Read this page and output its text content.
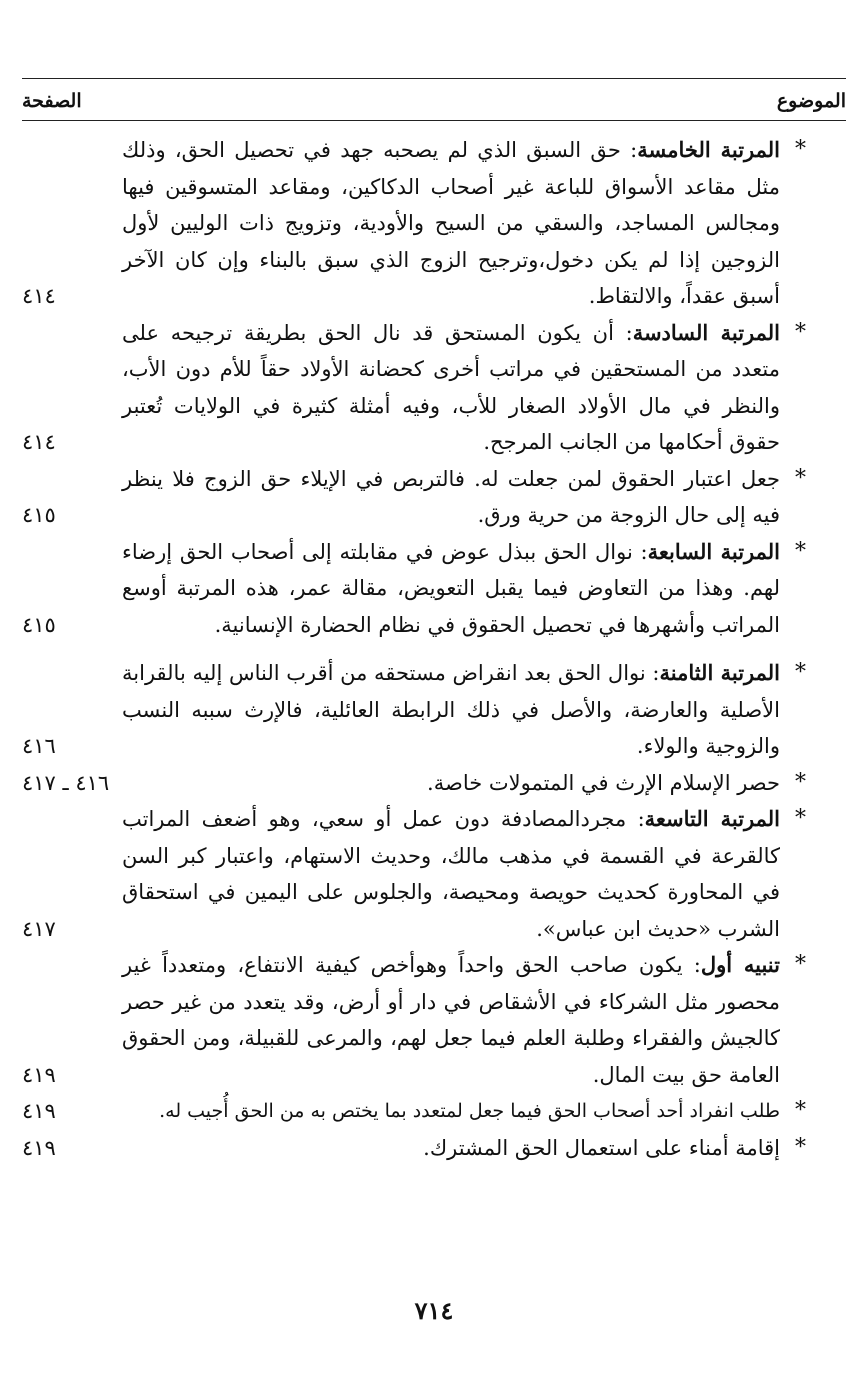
الموضوع
الصفحة
*
المرتبة الخامسة: حق السبق الذي لم يصحبه جهد في تحصيل الحق، وذلك مثل مقاعد الأسواق للباعة غير أصحاب الدكاكين، ومقاعد المتسوقين فيها ومجالس المساجد، والسقي من السيح والأودية، وتزويج ذات الوليين لأول الزوجين إذا لم يكن دخول،وترجيح الزوج الذي سبق بالبناء وإن كان الآخر أسبق عقداً، والالتقاط.
٤١٤
*
المرتبة السادسة: أن يكون المستحق قد نال الحق بطريقة ترجيحه على متعدد من المستحقين في مراتب أخرى كحضانة الأولاد حقاً للأم دون الأب، والنظر في مال الأولاد الصغار للأب، وفيه أمثلة كثيرة في الولايات تُعتبر حقوق أحكامها من الجانب المرجح.
٤١٤
*
جعل اعتبار الحقوق لمن جعلت له. فالتربص في الإيلاء حق الزوج فلا ينظر فيه إلى حال الزوجة من حرية ورق.
٤١٥
*
المرتبة السابعة: نوال الحق ببذل عوض في مقابلته إلى أصحاب الحق إرضاء لهم. وهذا من التعاوض فيما يقبل التعويض، مقالة عمر، هذه المرتبة أوسع المراتب وأشهرها في تحصيل الحقوق في نظام الحضارة الإنسانية.
٤١٥
*
المرتبة الثامنة: نوال الحق بعد انقراض مستحقه من أقرب الناس إليه بالقرابة الأصلية والعارضة، والأصل في ذلك الرابطة العائلية، فالإرث سببه النسب والزوجية والولاء.
٤١٦
*
حصر الإسلام الإرث في المتمولات خاصة.
٤١٦ ـ ٤١٧
*
المرتبة التاسعة: مجردالمصادفة دون عمل أو سعي، وهو أضعف المراتب كالقرعة في القسمة في مذهب مالك، وحديث الاستهام، واعتبار كبر السن في المحاورة كحديث حويصة ومحيصة، والجلوس على اليمين في استحقاق الشرب «حديث ابن عباس».
٤١٧
*
تنبيه أول: يكون صاحب الحق واحداً وهوأخص كيفية الانتفاع، ومتعدداً غير محصور مثل الشركاء في الأشقاص في دار أو أرض، وقد يتعدد من غير حصر كالجيش والفقراء وطلبة العلم فيما جعل لهم، والمرعى للقبيلة، ومن الحقوق العامة حق بيت المال.
٤١٩
*
طلب انفراد أحد أصحاب الحق فيما جعل لمتعدد بما يختص به من الحق أُجيب له.
٤١٩
*
إقامة أمناء على استعمال الحق المشترك.
٤١٩
٧١٤
